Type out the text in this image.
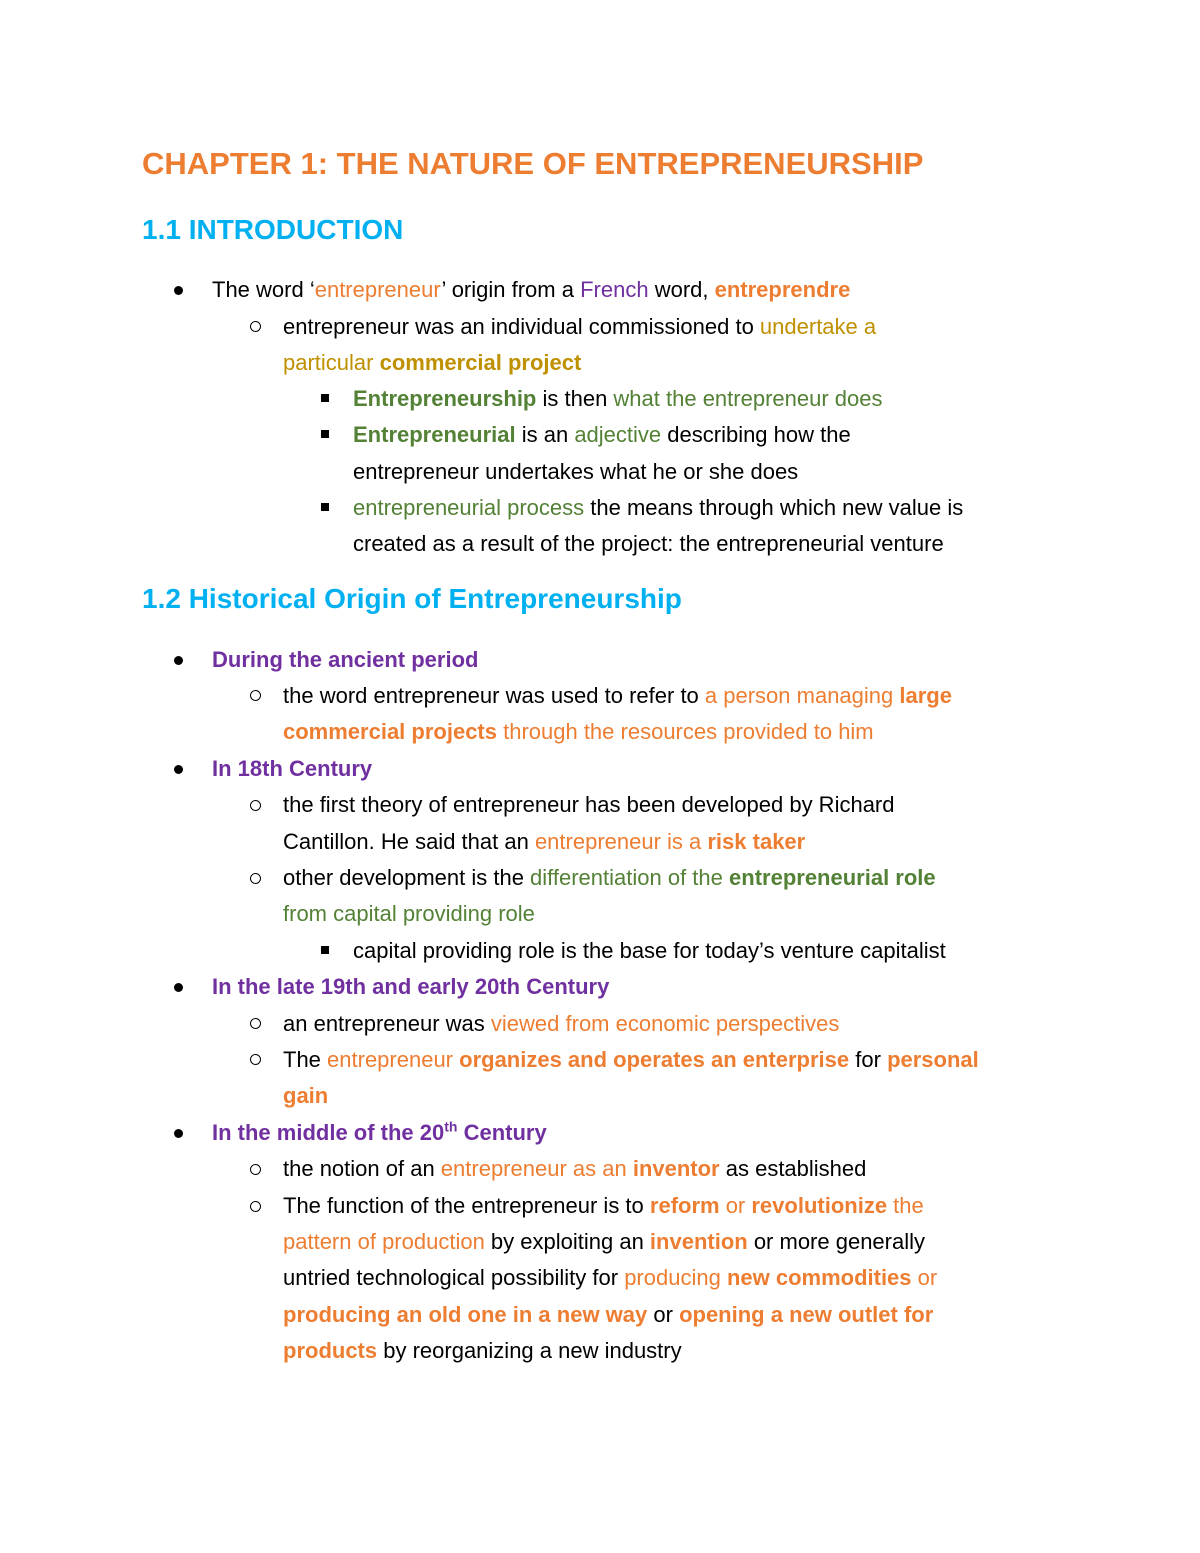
CHAPTER 1: THE NATURE OF ENTREPRENEURSHIP
1.1 INTRODUCTION
The word ‘entrepreneur’ origin from a French word, entreprendre
entrepreneur was an individual commissioned to undertake a
particular commercial project
Entrepreneurship is then what the entrepreneur does
Entrepreneurial is an adjective describing how the
entrepreneur undertakes what he or she does
entrepreneurial process the means through which new value is
created as a result of the project: the entrepreneurial venture
1.2 Historical Origin of Entrepreneurship
During the ancient period
the word entrepreneur was used to refer to a person managing large
commercial projects through the resources provided to him
In 18th Century
the first theory of entrepreneur has been developed by Richard
Cantillon. He said that an entrepreneur is a risk taker
other development is the differentiation of the entrepreneurial role
from capital providing role
capital providing role is the base for today’s venture capitalist
In the late 19th and early 20th Century
an entrepreneur was viewed from economic perspectives
The entrepreneur organizes and operates an enterprise for personal
gain
In the middle of the 20th Century
the notion of an entrepreneur as an inventor as established
The function of the entrepreneur is to reform or revolutionize the
pattern of production by exploiting an invention or more generally
untried technological possibility for producing new commodities or
producing an old one in a new way or opening a new outlet for
products by reorganizing a new industry
